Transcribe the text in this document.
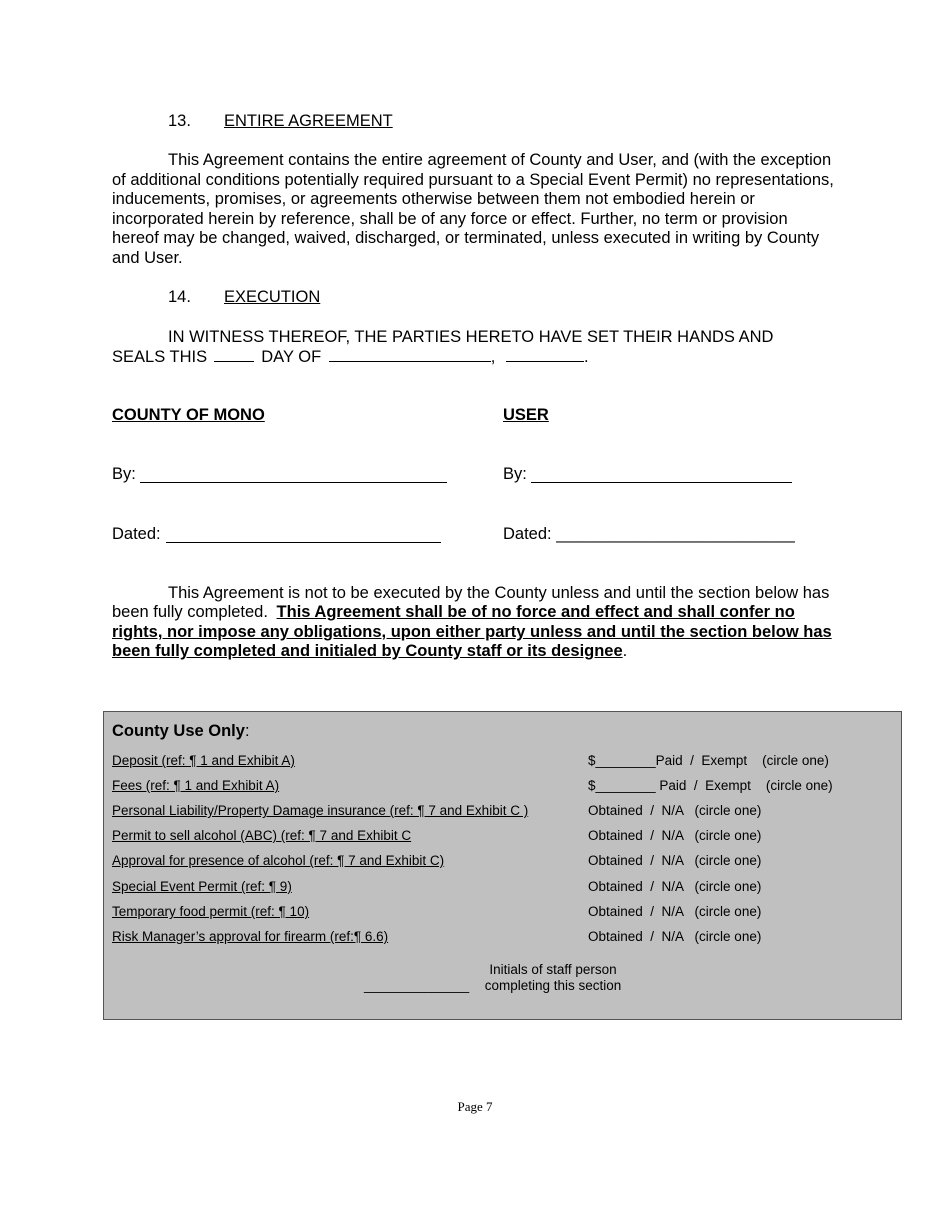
13. ENTIRE AGREEMENT
This Agreement contains the entire agreement of County and User, and (with the exception
of additional conditions potentially required pursuant to a Special Event Permit) no representations,
inducements, promises, or agreements otherwise between them not embodied herein or
incorporated herein by reference, shall be of any force or effect. Further, no term or provision
hereof may be changed, waived, discharged, or terminated, unless executed in writing by County
and User.
14. EXECUTION
IN WITNESS THEREOF, THE PARTIES HERETO HAVE SET THEIR HANDS AND
SEALS THIS	DAY OF	,	.
COUNTY OF MONO	USER
By:	By:
Dated:	Dated: __________________________
This Agreement is not to be executed by the County unless and until the section below has
been fully completed. This Agreement shall be of no force and effect and shall confer no
rights, nor impose any obligations, upon either party unless and until the section below has
been fully completed and initialed by County staff or its designee.
County Use Only:
Deposit (ref: ¶ 1 and Exhibit A)	$________Paid  /  Exempt    (circle one)
Fees (ref: ¶ 1 and Exhibit A)	$________ Paid  /  Exempt    (circle one)
Personal Liability/Property Damage insurance (ref: ¶ 7 and Exhibit C )	Obtained  /  N/A   (circle one)
Permit to sell alcohol (ABC) (ref: ¶ 7 and Exhibit C	Obtained  /  N/A   (circle one)
Approval for presence of alcohol (ref: ¶ 7 and Exhibit C)	Obtained  /  N/A   (circle one)
Special Event Permit (ref: ¶ 9)	Obtained  /  N/A   (circle one)
Temporary food permit (ref: ¶ 10)	Obtained  /  N/A   (circle one)
Risk Manager’s approval for firearm (ref:¶ 6.6)	Obtained  /  N/A   (circle one)
______________
Initials of staff person
completing this section
Page 7
